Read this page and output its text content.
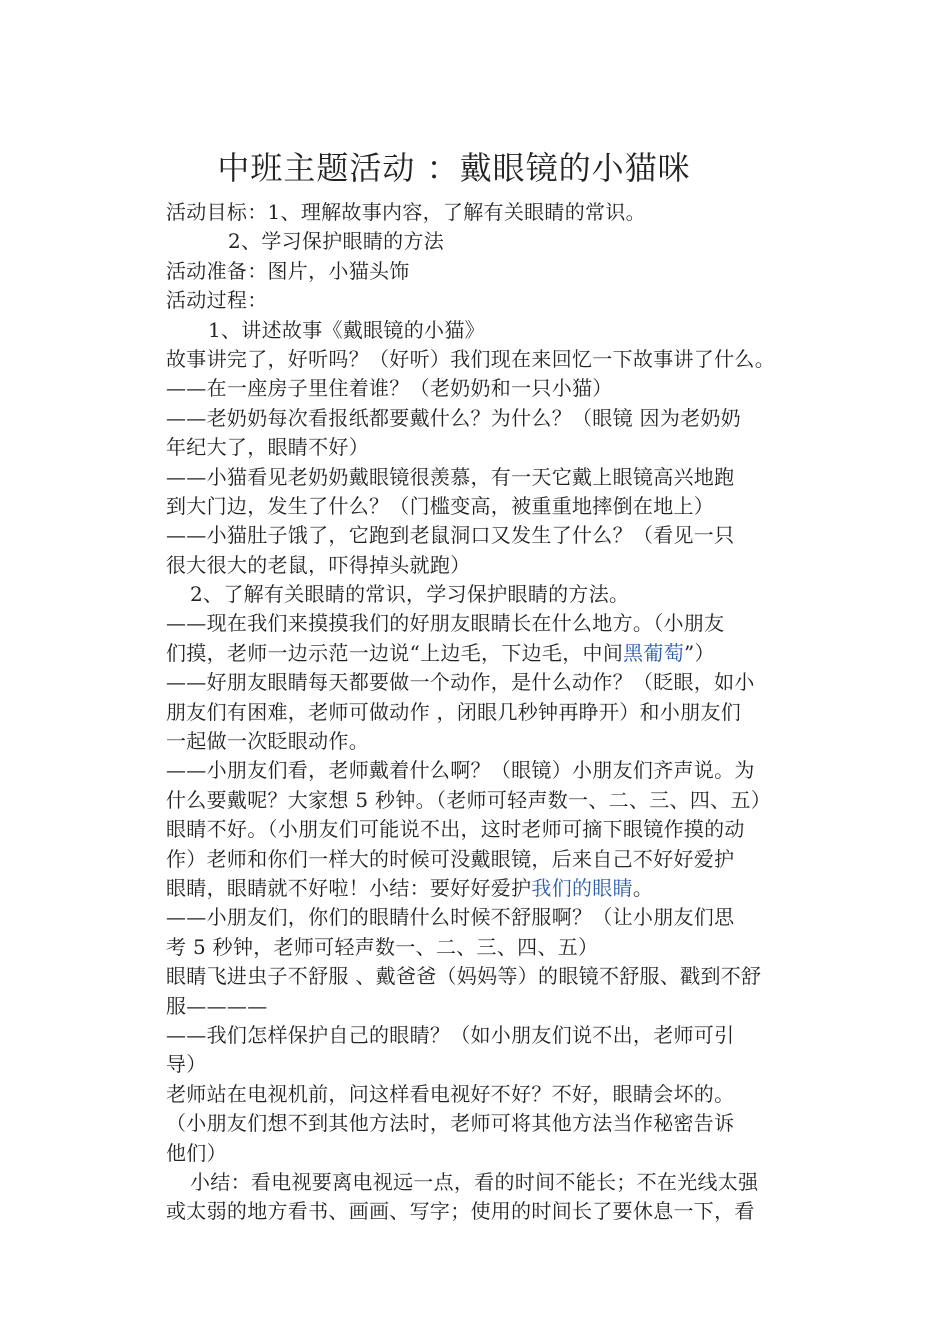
中班主题活动 ：戴眼镜的小猫咪

活动目标：1、理解故事内容，了解有关眼睛的常识。

2、学习保护眼睛的方法

活动准备：图片，小猫头饰

活动过程：

1、讲述故事《戴眼镜的小猫》

故事讲完了，好听吗？（好听）我们现在来回忆一下故事讲了什么。

——在一座房子里住着谁？（老奶奶和一只小猫）

——老奶奶每次看报纸都要戴什么？为什么？（眼镜 因为老奶奶

年纪大了，眼睛不好）

——小猫看见老奶奶戴眼镜很羡慕，有一天它戴上眼镜高兴地跑

到大门边，发生了什么？（门槛变高，被重重地摔倒在地上）

——小猫肚子饿了，它跑到老鼠洞口又发生了什么？（看见一只

很大很大的老鼠，吓得掉头就跑）

2、了解有关眼睛的常识，学习保护眼睛的方法。

——现在我们来摸摸我们的好朋友眼睛长在什么地方。（小朋友

们摸，老师一边示范一边说“上边毛，下边毛，中间黑葡萄”）

——好朋友眼睛每天都要做一个动作，是什么动作？（眨眼，如小

朋友们有困难，老师可做动作 ，闭眼几秒钟再睁开）和小朋友们

一起做一次眨眼动作。

——小朋友们看，老师戴着什么啊？（眼镜）小朋友们齐声说。为

什么要戴呢？大家想 5 秒钟。（老师可轻声数一、二、三、四、五）

眼睛不好。（小朋友们可能说不出，这时老师可摘下眼镜作摸的动

作）老师和你们一样大的时候可没戴眼镜，后来自己不好好爱护

眼睛，眼睛就不好啦！小结：要好好爱护我们的眼睛。

——小朋友们，你们的眼睛什么时候不舒服啊？（让小朋友们思

考 5 秒钟，老师可轻声数一、二、三、四、五）

眼睛飞进虫子不舒服 、戴爸爸（妈妈等）的眼镜不舒服、戳到不舒

服————

——我们怎样保护自己的眼睛？（如小朋友们说不出，老师可引

导）

老师站在电视机前，问这样看电视好不好？不好，眼睛会坏的。

（小朋友们想不到其他方法时，老师可将其他方法当作秘密告诉

他们）

小结：看电视要离电视远一点，看的时间不能长；不在光线太强

或太弱的地方看书、画画、写字；使用的时间长了要休息一下，看
